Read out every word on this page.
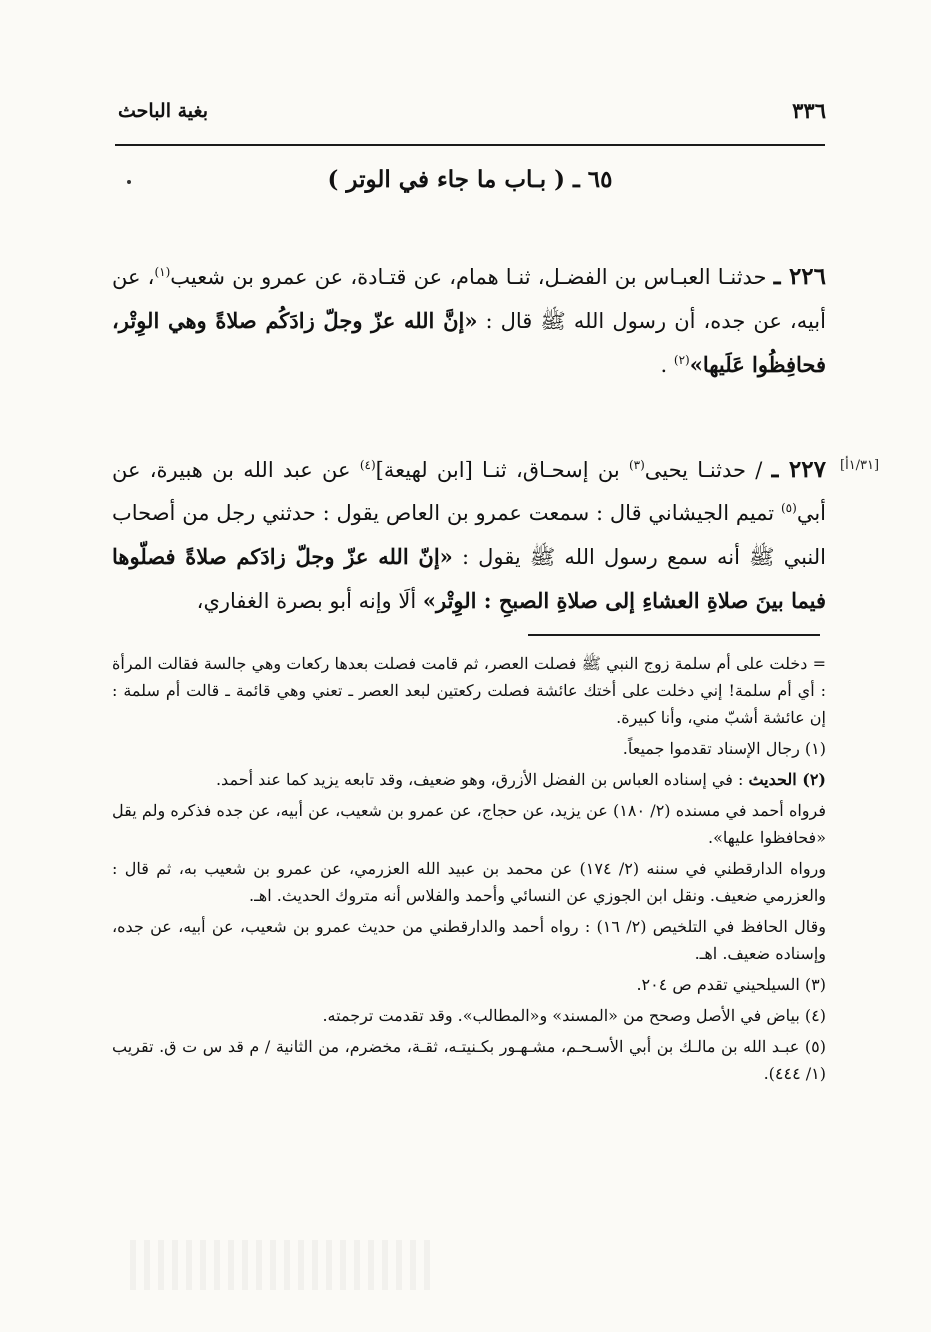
بغية الباحث	٣٣٦
٦٥ ـ ( بـاب ما جاء في الوتر )

٢٢٦ ـ حدثنـا العبـاس بن الفضـل، ثنـا همام، عن قتـادة، عن عمرو بن شعيب$^{(١)}$، عن أبيه، عن جده، أن رسول الله ﷺ قال : «إنَّ الله عزّ وجلّ زادَكُم صلاةً وهي الوِتْر، فحافِظُوا عَلَيها»$^{(٢)}$ .

[١/٣١أ]

٢٢٧ ـ / حدثنـا يحيى$^{(٣)}$ بن إسحـاق، ثنـا [ابن لهيعة]$^{(٤)}$ عن عبد الله بن هبيرة، عن أبي$^{(٥)}$ تميم الجيشاني قال : سمعت عمرو بن العاص يقول : حدثني رجل من أصحاب النبي ﷺ أنه سمع رسول الله ﷺ يقول : «إنّ الله عزّ وجلّ زادَكم صلاةً فصلّوها فيما بينَ صلاةِ العشاءِ إلى صلاةِ الصبحِ : الوِتْر» ألَا وإنه أبو بصرة الغفاري،

= دخلت على أم سلمة زوج النبي ﷺ فصلت العصر، ثم قامت فصلت بعدها ركعات وهي جالسة فقالت المرأة : أي أم سلمة! إني دخلت على أختك عائشة فصلت ركعتين لبعد العصر ـ تعني وهي قائمة ـ قالت أم سلمة : إن عائشة أشبّ مني، وأنا كبيرة.

(١) رجال الإسناد تقدموا جميعاً.

(٢) الحديث : في إسناده العباس بن الفضل الأزرق، وهو ضعيف، وقد تابعه يزيد كما عند أحمد.

فرواه أحمد في مسنده (٢/ ١٨٠) عن يزيد، عن حجاج، عن عمرو بن شعيب، عن أبيه، عن جده فذكره ولم يقل «فحافظوا عليها».

ورواه الدارقطني في سننه (٢/ ١٧٤) عن محمد بن عبيد الله العزرمي، عن عمرو بن شعيب به، ثم قال : والعزرمي ضعيف. ونقل ابن الجوزي عن النسائي وأحمد والفلاس أنه متروك الحديث. اهـ.

وقال الحافظ في التلخيص (٢/ ١٦) : رواه أحمد والدارقطني من حديث عمرو بن شعيب، عن أبيه، عن جده، وإسناده ضعيف. اهـ.

(٣) السيلحيني تقدم ص ٢٠٤.

(٤) بياض في الأصل وصحح من «المسند» و«المطالب». وقد تقدمت ترجمته.

(٥) عبـد الله بن مالـك بن أبي الأسـحـم، مشـهـور بكـنيتـه، ثقـة، مخضرم، من الثانية / م قد س ت ق. تقريب (١/ ٤٤٤).
